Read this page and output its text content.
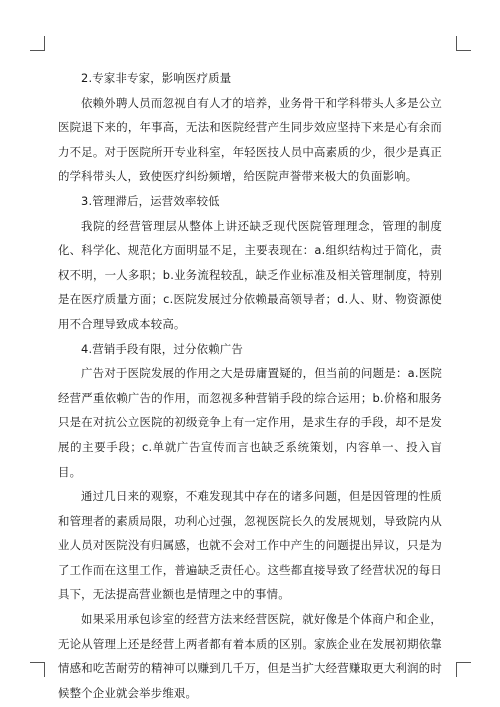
2.专家非专家，影响医疗质量

依赖外聘人员而忽视自有人才的培养，业务骨干和学科带头人多是公立医院退下来的，年事高，无法和医院经营产生同步效应坚持下来是心有余而力不足。对于医院所开专业科室，年轻医技人员中高素质的少，很少是真正的学科带头人，致使医疗纠纷频增，给医院声誉带来极大的负面影响。

3.管理滞后，运营效率较低

我院的经营管理层从整体上讲还缺乏现代医院管理理念，管理的制度化、科学化、规范化方面明显不足，主要表现在：a.组织结构过于简化，责权不明，一人多职；b.业务流程较乱，缺乏作业标准及相关管理制度，特别是在医疗质量方面；c.医院发展过分依赖最高领导者；d.人、财、物资源使用不合理导致成本较高。

4.营销手段有限，过分依赖广告

广告对于医院发展的作用之大是毋庸置疑的，但当前的问题是：a.医院经营严重依赖广告的作用，而忽视多种营销手段的综合运用；b.价格和服务只是在对抗公立医院的初级竞争上有一定作用，是求生存的手段，却不是发展的主要手段；c.单就广告宣传而言也缺乏系统策划，内容单一、投入盲目。

通过几日来的观察，不难发现其中存在的诸多问题，但是因管理的性质和管理者的素质局限，功利心过强，忽视医院长久的发展规划，导致院内从业人员对医院没有归属感，也就不会对工作中产生的问题提出异议，只是为了工作而在这里工作，普遍缺乏责任心。这些都直接导致了经营状况的每日具下，无法提高营业额也是情理之中的事情。

如果采用承包诊室的经营方法来经营医院，就好像是个体商户和企业，无论从管理上还是经营上两者都有着本质的区别。家族企业在发展初期依靠情感和吃苦耐劳的精神可以赚到几千万，但是当扩大经营赚取更大利润的时候整个企业就会举步维艰。
